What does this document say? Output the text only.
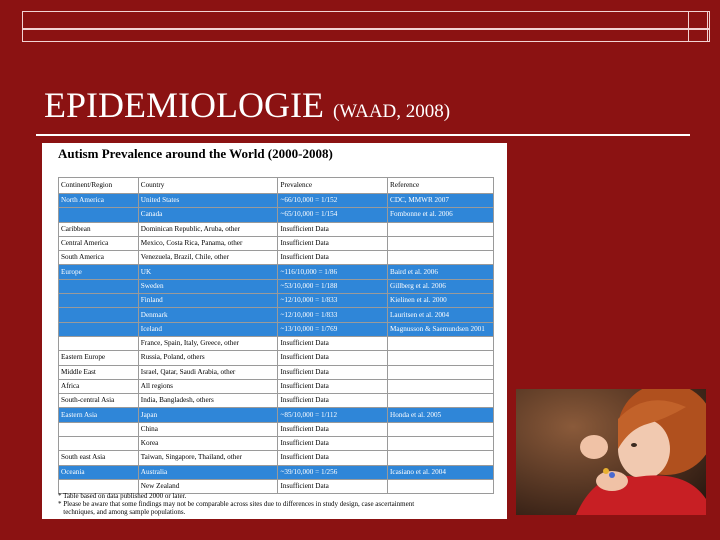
EPIDEMIOLOGIE (WAAD, 2008)
Autism Prevalence around the World (2000-2008)
Continent/Region	Country	Prevalence	Reference
North America	United States	~66/10,000 = 1/152	CDC, MMWR 2007
	Canada	~65/10,000 = 1/154	Fombonne et al. 2006
Caribbean	Dominican Republic, Aruba, other	Insufficient Data	
Central America	Mexico, Costa Rica, Panama, other	Insufficient Data	
South America	Venezuela, Brazil, Chile, other	Insufficient Data	
Europe	UK	~116/10,000 = 1/86	Baird et al. 2006
	Sweden	~53/10,000 = 1/188	Gillberg et al. 2006
	Finland	~12/10,000 = 1/833	Kielinen et al. 2000
	Denmark	~12/10,000 = 1/833	Lauritsen et al. 2004
	Iceland	~13/10,000 = 1/769	Magnusson & Saemundsen 2001
	France, Spain, Italy, Greece, other	Insufficient Data	
Eastern Europe	Russia, Poland, others	Insufficient Data	
Middle East	Israel, Qatar, Saudi Arabia, other	Insufficient Data	
Africa	All regions	Insufficient Data	
South-central Asia	India, Bangladesh, others	Insufficient Data	
Eastern Asia	Japan	~85/10,000 = 1/112	Honda et al. 2005
	China	Insufficient Data	
	Korea	Insufficient Data	
South east Asia	Taiwan, Singapore, Thailand, other	Insufficient Data	
Oceania	Australia	~39/10,000 = 1/256	Icasiano et al. 2004
	New Zealand	Insufficient Data	
* Table based on data published 2000 or later.
* Please be aware that some findings may not be comparable across sites due to differences in study design, case ascertainment
techniques, and among sample populations.
